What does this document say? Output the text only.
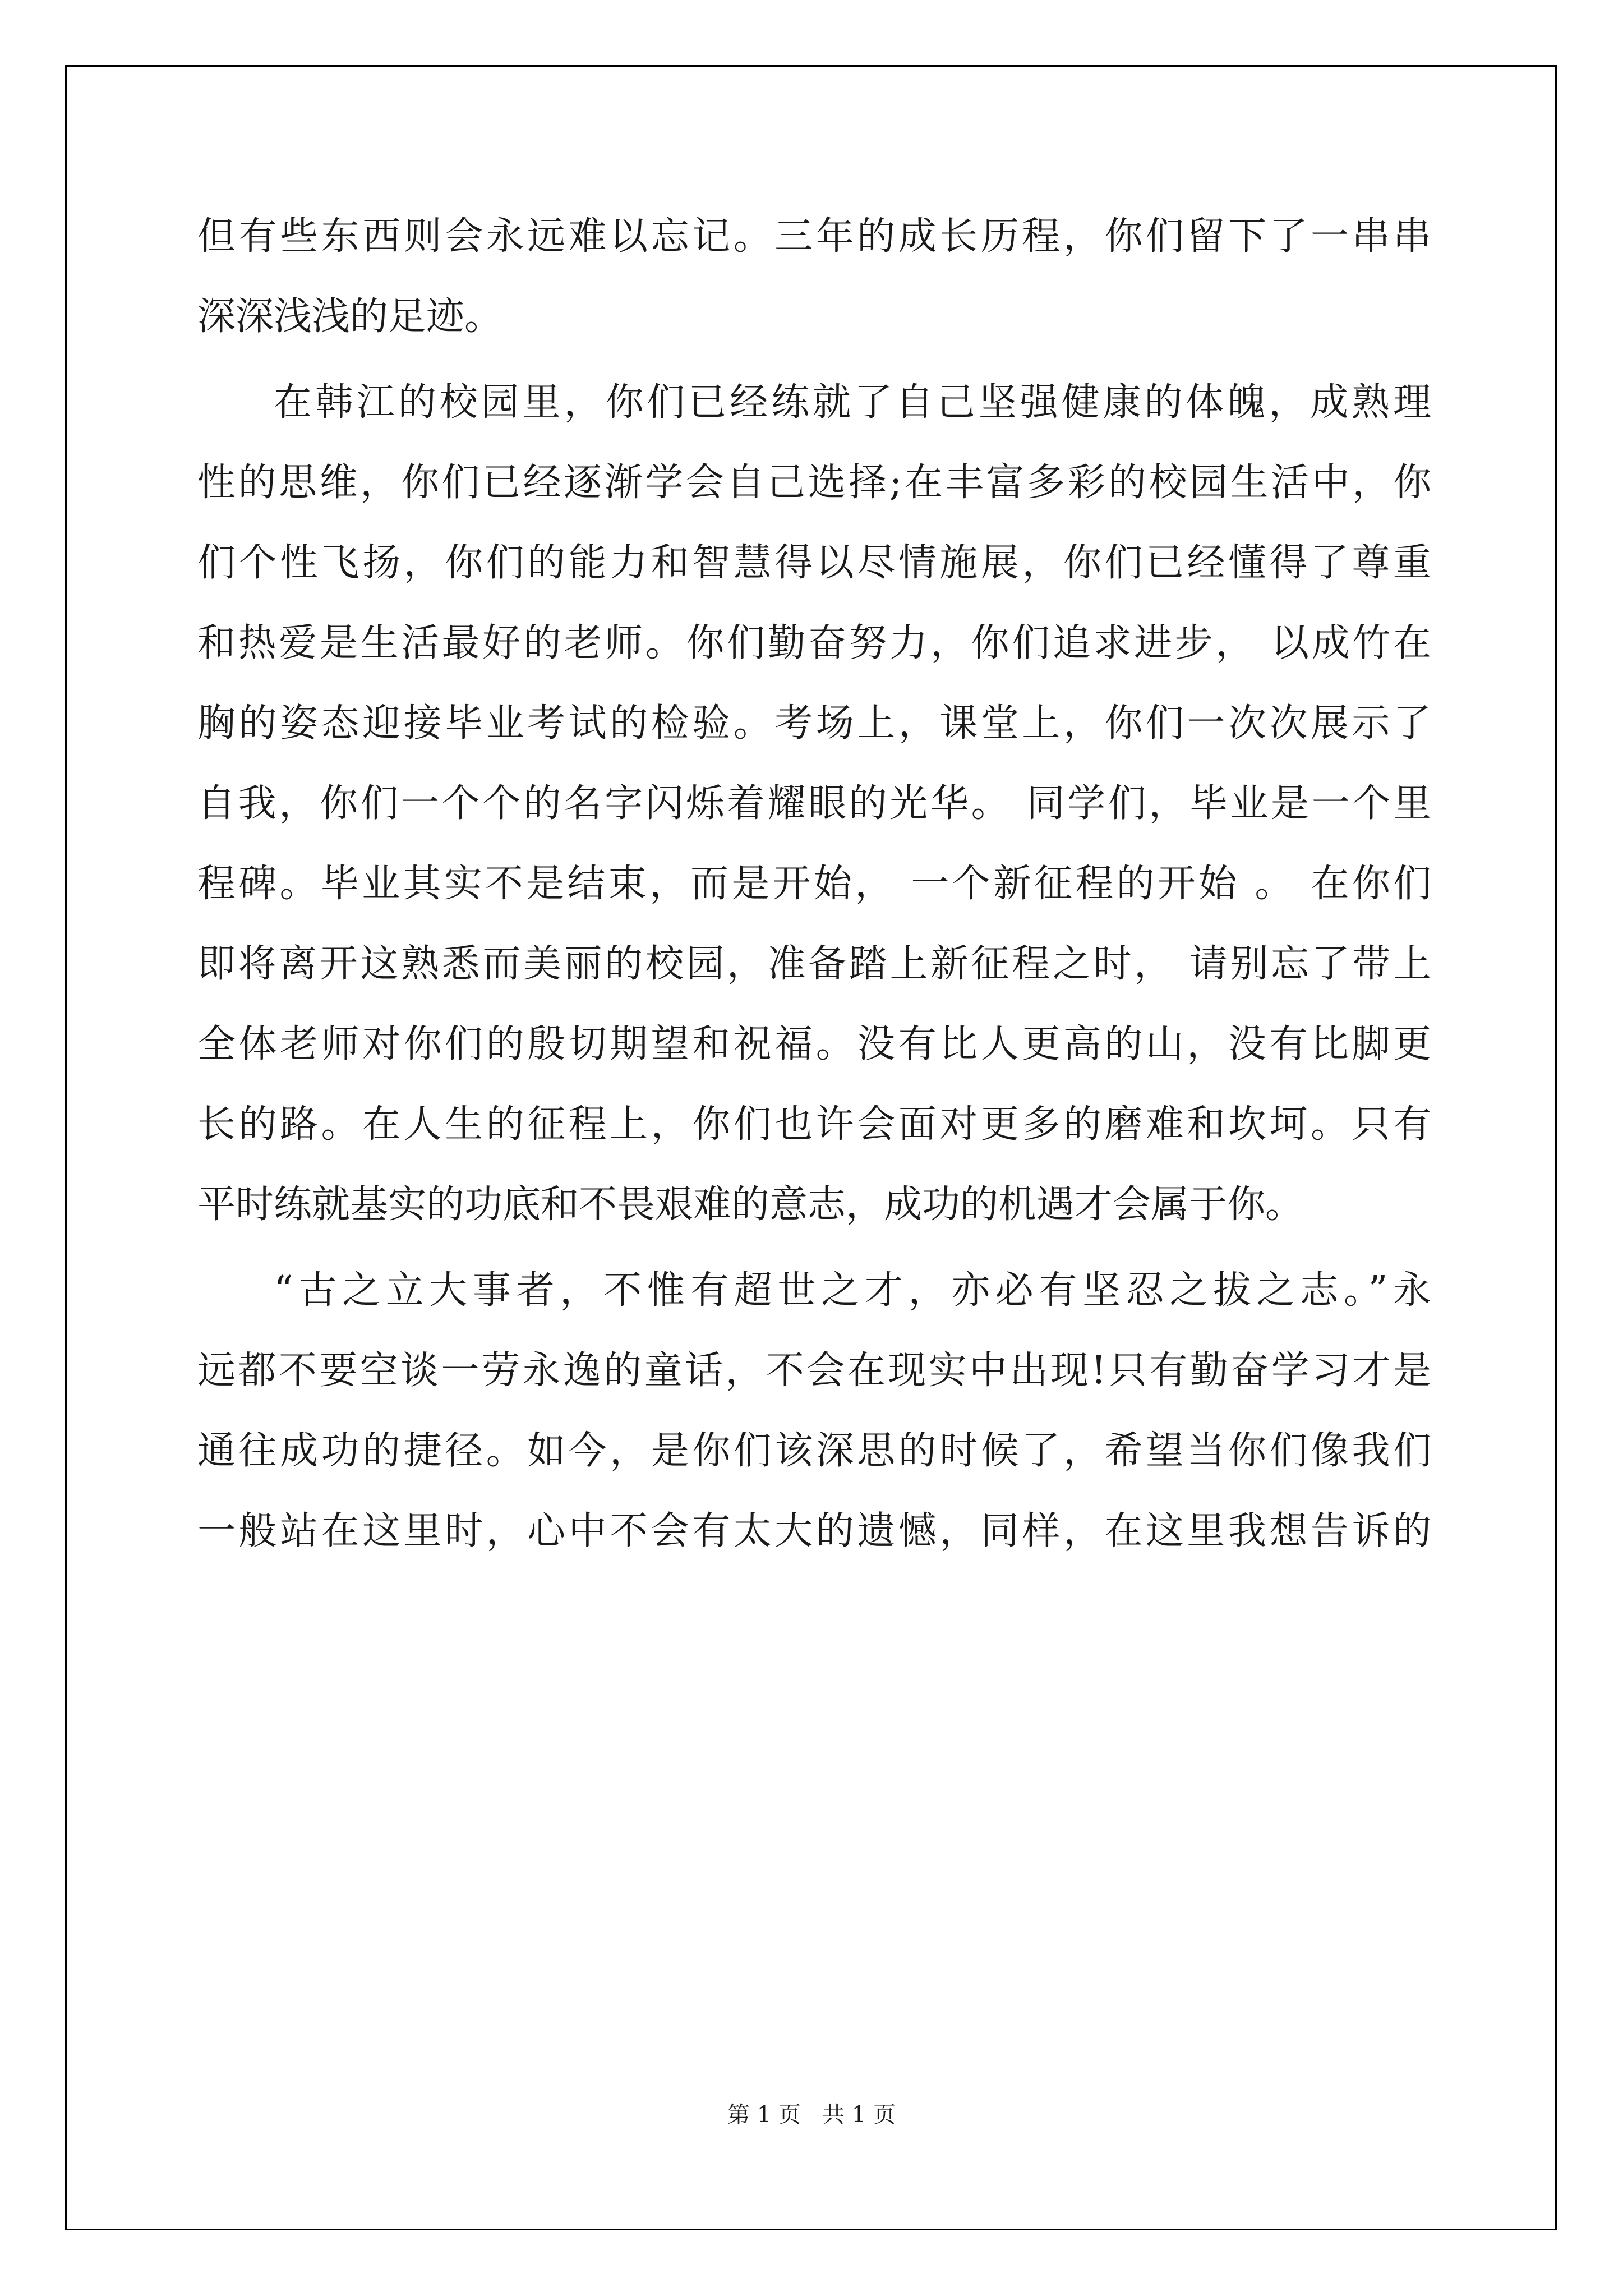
但有些东西则会永远难以忘记。三年的成长历程，你们留下了一串串
深深浅浅的足迹。
在韩江的校园里，你们已经练就了自己坚强健康的体魄，成熟理
性的思维，你们已经逐渐学会自己选择;在丰富多彩的校园生活中，你
们个性飞扬，你们的能力和智慧得以尽情施展，你们已经懂得了尊重
和热爱是生活最好的老师。你们勤奋努力，你们追求进步， 以成竹在
胸的姿态迎接毕业考试的检验。考场上，课堂上，你们一次次展示了
自我，你们一个个的名字闪烁着耀眼的光华。 同学们，毕业是一个里
程碑。毕业其实不是结束，而是开始， 一个新征程的开始 。 在你们
即将离开这熟悉而美丽的校园，准备踏上新征程之时， 请别忘了带上
全体老师对你们的殷切期望和祝福。没有比人更高的山，没有比脚更
长的路。在人生的征程上，你们也许会面对更多的磨难和坎坷。只有
平时练就基实的功底和不畏艰难的意志，成功的机遇才会属于你。
“古之立大事者，不惟有超世之才，亦必有坚忍之拔之志。”永
远都不要空谈一劳永逸的童话，不会在现实中出现!只有勤奋学习才是
通往成功的捷径。如今，是你们该深思的时候了，希望当你们像我们
一般站在这里时，心中不会有太大的遗憾，同样，在这里我想告诉的
第 1 页   共 1 页
